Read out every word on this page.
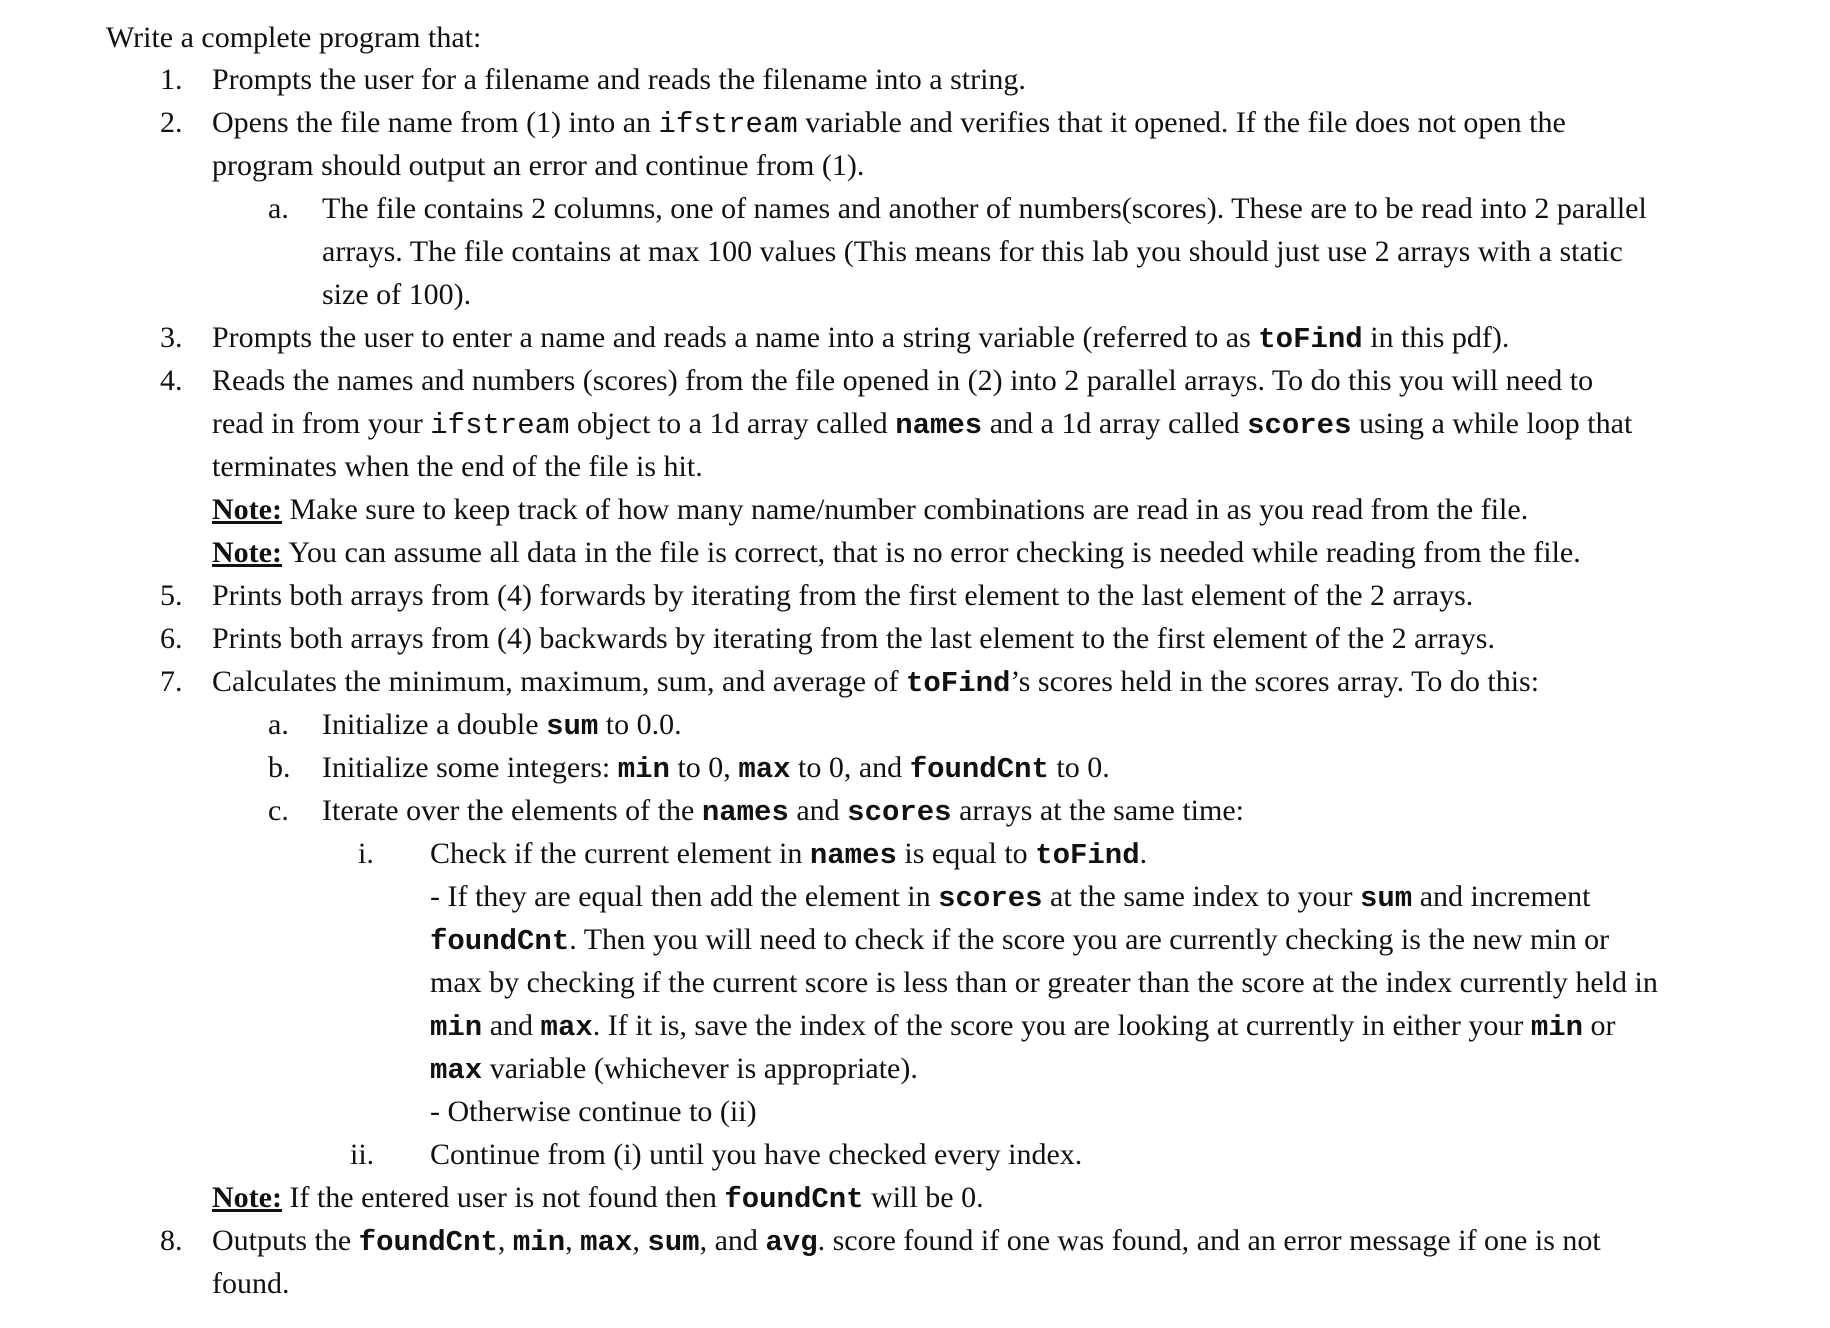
Write a complete program that:
1. Prompts the user for a filename and reads the filename into a string.
2. Opens the file name from (1) into an ifstream variable and verifies that it opened. If the file does not open the
program should output an error and continue from (1).
a. The file contains 2 columns, one of names and another of numbers(scores). These are to be read into 2 parallel
arrays. The file contains at max 100 values (This means for this lab you should just use 2 arrays with a static
size of 100).
3. Prompts the user to enter a name and reads a name into a string variable (referred to as toFind in this pdf).
4. Reads the names and numbers (scores) from the file opened in (2) into 2 parallel arrays. To do this you will need to
read in from your ifstream object to a 1d array called names and a 1d array called scores using a while loop that
terminates when the end of the file is hit.
Note: Make sure to keep track of how many name/number combinations are read in as you read from the file.
Note: You can assume all data in the file is correct, that is no error checking is needed while reading from the file.
5. Prints both arrays from (4) forwards by iterating from the first element to the last element of the 2 arrays.
6. Prints both arrays from (4) backwards by iterating from the last element to the first element of the 2 arrays.
7. Calculates the minimum, maximum, sum, and average of toFind’s scores held in the scores array. To do this:
a. Initialize a double sum to 0.0.
b. Initialize some integers: min to 0, max to 0, and foundCnt to 0.
c. Iterate over the elements of the names and scores arrays at the same time:
i. Check if the current element in names is equal to toFind.
- If they are equal then add the element in scores at the same index to your sum and increment
foundCnt. Then you will need to check if the score you are currently checking is the new min or
max by checking if the current score is less than or greater than the score at the index currently held in
min and max. If it is, save the index of the score you are looking at currently in either your min or
max variable (whichever is appropriate).
- Otherwise continue to (ii)
ii. Continue from (i) until you have checked every index.
Note: If the entered user is not found then foundCnt will be 0.
8. Outputs the foundCnt, min, max, sum, and avg. score found if one was found, and an error message if one is not
found.
